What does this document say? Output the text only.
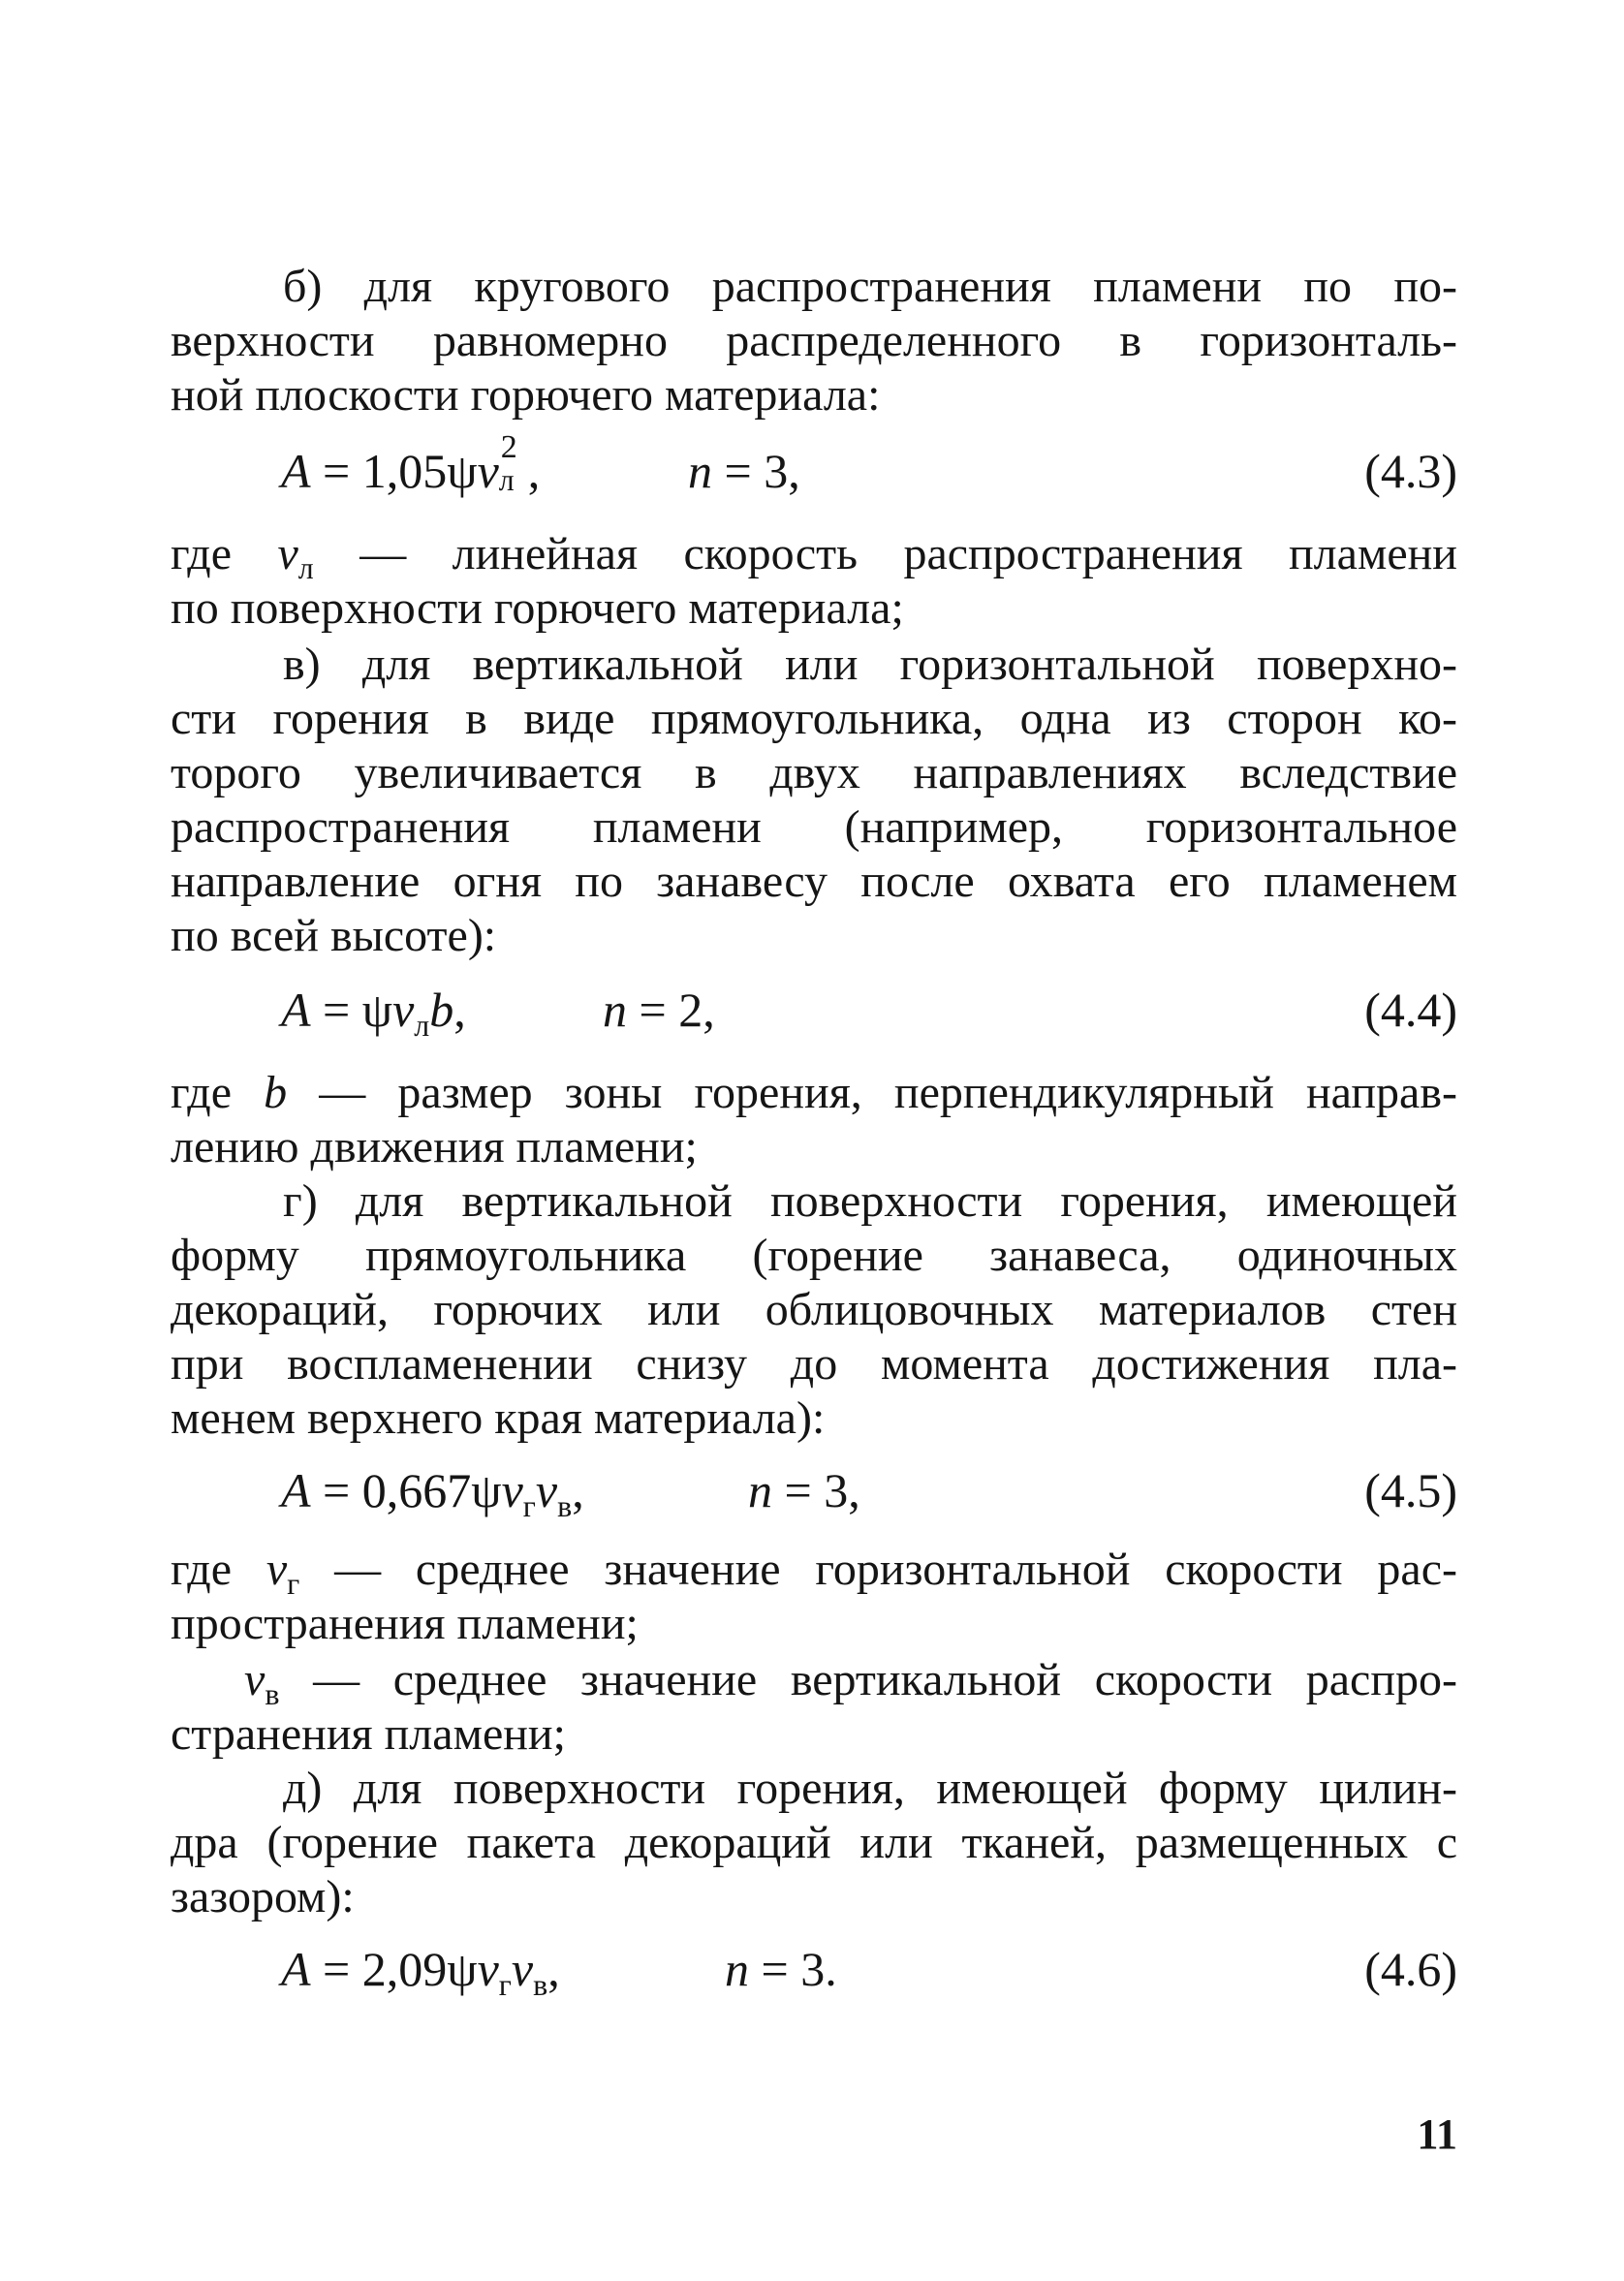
б) для кругового распространения пламени по по-
верхности равномерно распределенного в горизонталь-
ной плоскости горючего материала:
A = 1,05ψv 2
л ,	n = 3,	(4.3)
где $v_л$ — линейная скорость распространения пламени
по поверхности горючего материала;
в) для вертикальной или горизонтальной поверхно-
сти горения в виде прямоугольника, одна из сторон ко-
торого увеличивается в двух направлениях вследствие
распространения пламени (например, горизонтальное
направление огня по занавесу после охвата его пламенем
по всей высоте):
$A = \psi v_лb$,	n = 2,	(4.4)
где b — размер зоны горения, перпендикулярный направ-
лению движения пламени;
г) для вертикальной поверхности горения, имеющей
форму прямоугольника (горение занавеса, одиночных
декораций, горючих или облицовочных материалов стен
при воспламенении снизу до момента достижения пла-
менем верхнего края материала):
$A = 0,667\psi v_гv_в$,	n = 3,	(4.5)
где $v_г$ — среднее значение горизонтальной скорости рас-
пространения пламени;
$v_в$ — среднее значение вертикальной скорости распро-
странения пламени;
д) для поверхности горения, имеющей форму цилин-
дра (горение пакета декораций или тканей, размещенных с
зазором):
$A = 2,09\psi v_гv_в$,	n = 3.	(4.6)
11
